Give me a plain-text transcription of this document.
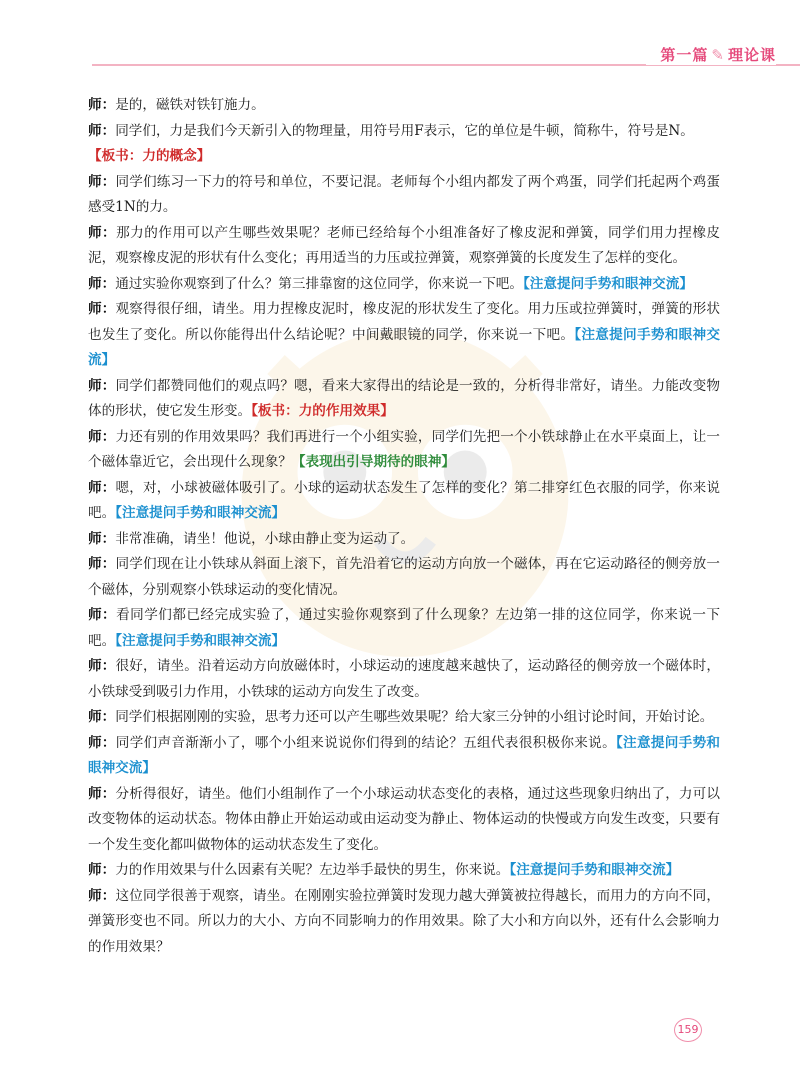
第一篇 ✎ 理论课

师：是的，磁铁对铁钉施力。

师：同学们，力是我们今天新引入的物理量，用符号用F表示，它的单位是牛顿，简称牛，符号是N。

【板书：力的概念】

师：同学们练习一下力的符号和单位，不要记混。老师每个小组内都发了两个鸡蛋，同学们托起两个鸡蛋感受1N的力。

师：那力的作用可以产生哪些效果呢？老师已经给每个小组准备好了橡皮泥和弹簧，同学们用力捏橡皮泥，观察橡皮泥的形状有什么变化；再用适当的力压或拉弹簧，观察弹簧的长度发生了怎样的变化。

师：通过实验你观察到了什么？第三排靠窗的这位同学，你来说一下吧。【注意提问手势和眼神交流】

师：观察得很仔细，请坐。用力捏橡皮泥时，橡皮泥的形状发生了变化。用力压或拉弹簧时，弹簧的形状也发生了变化。所以你能得出什么结论呢？中间戴眼镜的同学，你来说一下吧。【注意提问手势和眼神交流】

师：同学们都赞同他们的观点吗？嗯，看来大家得出的结论是一致的，分析得非常好，请坐。力能改变物体的形状，使它发生形变。【板书：力的作用效果】

师：力还有别的作用效果吗？我们再进行一个小组实验，同学们先把一个小铁球静止在水平桌面上，让一个磁体靠近它，会出现什么现象？【表现出引导期待的眼神】

师：嗯，对，小球被磁体吸引了。小球的运动状态发生了怎样的变化？第二排穿红色衣服的同学，你来说吧。【注意提问手势和眼神交流】

师：非常准确，请坐！他说，小球由静止变为运动了。

师：同学们现在让小铁球从斜面上滚下，首先沿着它的运动方向放一个磁体，再在它运动路径的侧旁放一个磁体，分别观察小铁球运动的变化情况。

师：看同学们都已经完成实验了，通过实验你观察到了什么现象？左边第一排的这位同学，你来说一下吧。【注意提问手势和眼神交流】

师：很好，请坐。沿着运动方向放磁体时，小球运动的速度越来越快了，运动路径的侧旁放一个磁体时，小铁球受到吸引力作用，小铁球的运动方向发生了改变。

师：同学们根据刚刚的实验，思考力还可以产生哪些效果呢？给大家三分钟的小组讨论时间，开始讨论。

师：同学们声音渐渐小了，哪个小组来说说你们得到的结论？五组代表很积极你来说。【注意提问手势和眼神交流】

师：分析得很好，请坐。他们小组制作了一个小球运动状态变化的表格，通过这些现象归纳出了，力可以改变物体的运动状态。物体由静止开始运动或由运动变为静止、物体运动的快慢或方向发生改变，只要有一个发生变化都叫做物体的运动状态发生了变化。

师：力的作用效果与什么因素有关呢？左边举手最快的男生，你来说。【注意提问手势和眼神交流】

师：这位同学很善于观察，请坐。在刚刚实验拉弹簧时发现力越大弹簧被拉得越长，而用力的方向不同，弹簧形变也不同。所以力的大小、方向不同影响力的作用效果。除了大小和方向以外，还有什么会影响力的作用效果？

159
